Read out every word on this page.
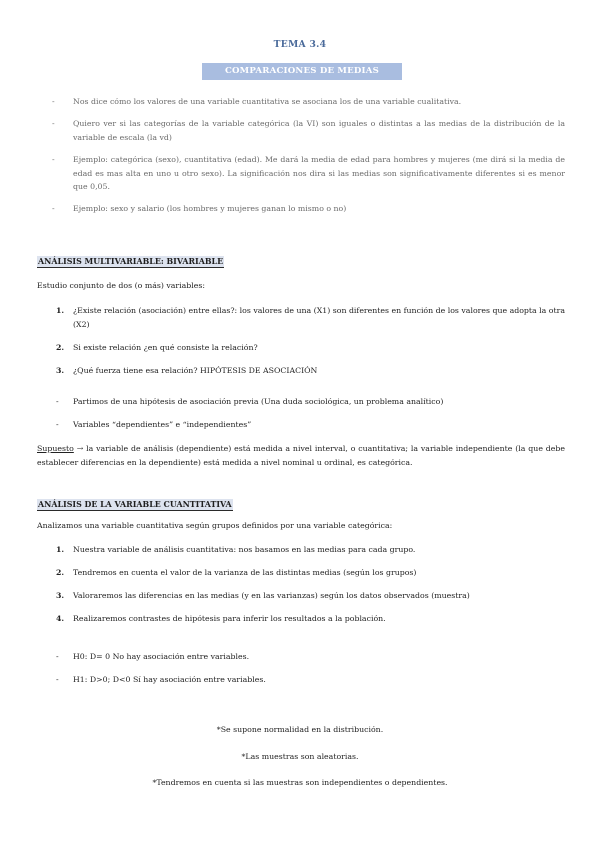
TEMA 3.4
COMPARACIONES DE MEDIAS
- Nos dice cómo los valores de una variable cuantitativa se asociana los de una variable cualitativa.
- Quiero ver si las categorías de la variable categórica (la VI) son iguales o distintas a las medias de la distribución de la variable de escala (la vd)
- Ejemplo: categórica (sexo), cuantitativa (edad). Me dará la media de edad para hombres y mujeres (me dirá si la media de edad es mas alta en uno u otro sexo). La significación nos dira si las medias son significativamente diferentes si es menor que 0,05.
- Ejemplo: sexo y salario (los hombres y mujeres ganan lo mismo o no)
ANÁLISIS MULTIVARIABLE: BIVARIABLE
Estudio conjunto de dos (o más) variables:
1. ¿Existe relación (asociación) entre ellas?: los valores de una (X1) son diferentes en función de los valores que adopta la otra (X2)
2. Si existe relación ¿en qué consiste la relación?
3. ¿Qué fuerza tiene esa relación? HIPÓTESIS DE ASOCIACIÓN
- Partimos de una hipótesis de asociación previa (Una duda sociológica, un problema analítico)
- Variables “dependientes” e “independientes”
Supuesto → la variable de análisis (dependiente) está medida a nivel interval, o cuantitativa; la variable independiente (la que debe establecer diferencias en la dependiente) está medida a nivel nominal u ordinal, es categórica.
ANÁLISIS DE LA VARIABLE CUANTITATIVA
Analizamos una variable cuantitativa según grupos definidos por una variable categórica:
1. Nuestra variable de análisis cuantitativa: nos basamos en las medias para cada grupo.
2. Tendremos en cuenta el valor de la varianza de las distintas medias (según los grupos)
3. Valoraremos las diferencias en las medias (y en las varianzas) según los datos observados (muestra)
4. Realizaremos contrastes de hipótesis para inferir los resultados a la población.
- H0: D= 0 No hay asociación entre variables.
- H1: D>0; D<0 Sí hay asociación entre variables.
*Se supone normalidad en la distribución.
*Las muestras son aleatorias.
*Tendremos en cuenta si las muestras son independientes o dependientes.
